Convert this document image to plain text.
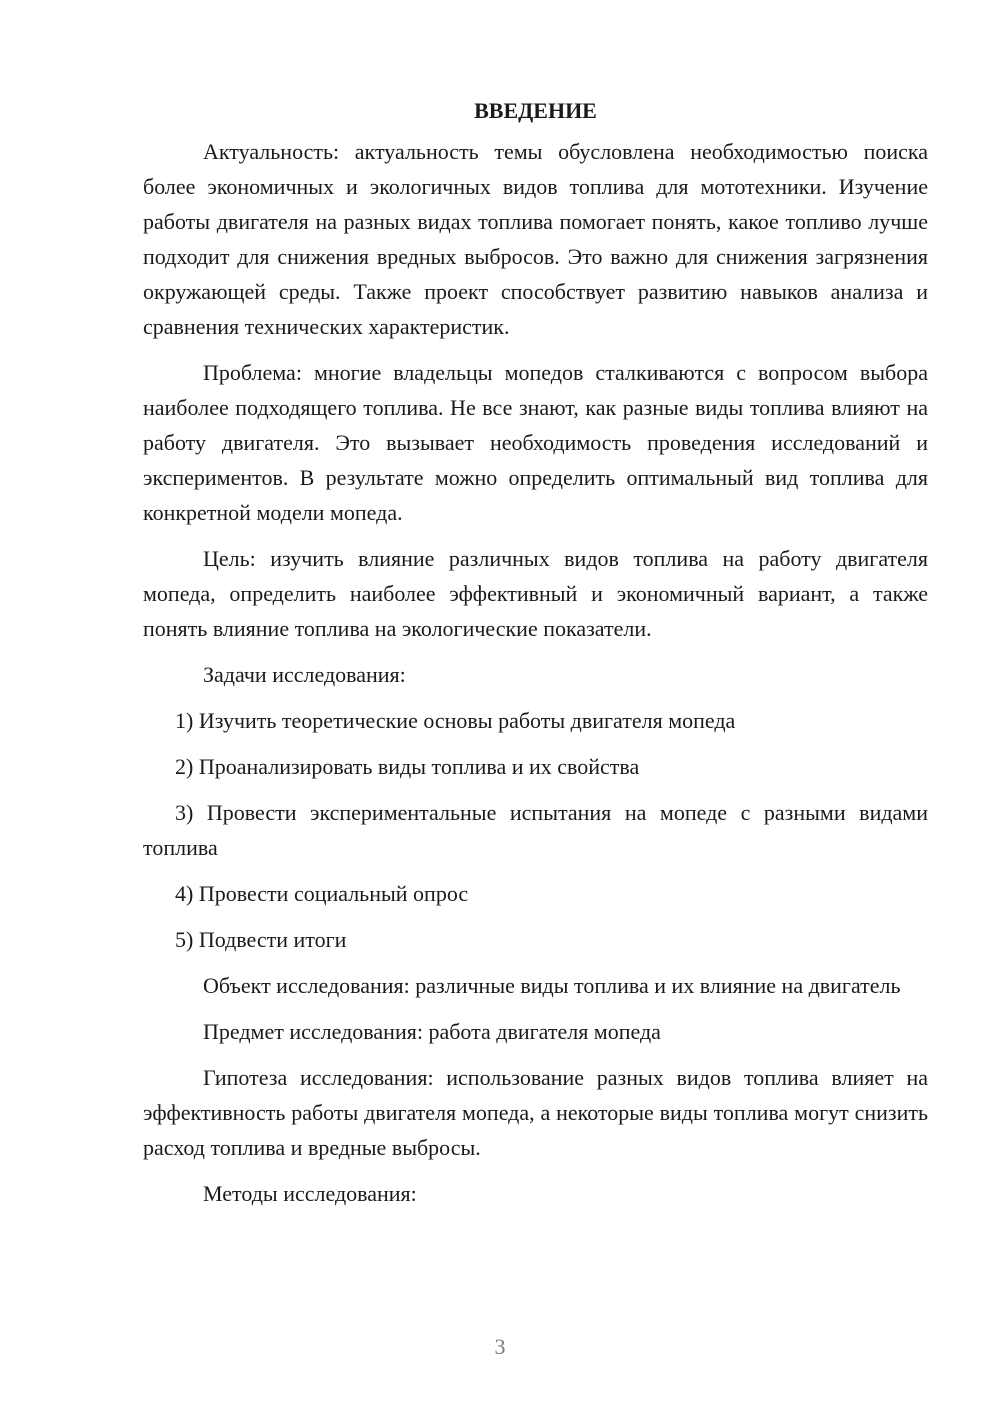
ВВЕДЕНИЕ

Актуальность: актуальность темы обусловлена необходимостью поиска более экономичных и экологичных видов топлива для мототехники. Изучение работы двигателя на разных видах топлива помогает понять, какое топливо лучше подходит для снижения вредных выбросов. Это важно для снижения загрязнения окружающей среды. Также проект способствует развитию навыков анализа и сравнения технических характеристик.

Проблема: многие владельцы мопедов сталкиваются с вопросом выбора наиболее подходящего топлива. Не все знают, как разные виды топлива влияют на работу двигателя. Это вызывает необходимость проведения исследований и экспериментов. В результате можно определить оптимальный вид топлива для конкретной модели мопеда.

Цель: изучить влияние различных видов топлива на работу двигателя мопеда, определить наиболее эффективный и экономичный вариант, а также понять влияние топлива на экологические показатели.

Задачи исследования:

1) Изучить теоретические основы работы двигателя мопеда

2) Проанализировать виды топлива и их свойства

3) Провести экспериментальные испытания на мопеде с разными видами топлива

4) Провести социальный опрос

5) Подвести итоги

Объект исследования: различные виды топлива и их влияние на двигатель

Предмет исследования: работа двигателя мопеда

Гипотеза исследования: использование разных видов топлива влияет на эффективность работы двигателя мопеда, а некоторые виды топлива могут снизить расход топлива и вредные выбросы.

Методы исследования:

3
